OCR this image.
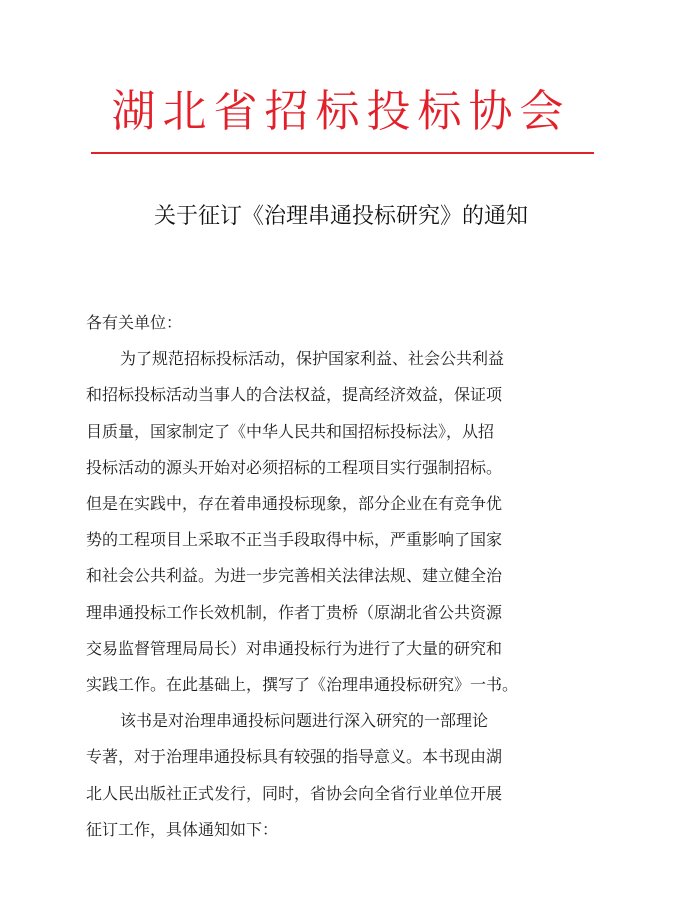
湖北省招标投标协会
关于征订《治理串通投标研究》的通知

各有关单位：

为了规范招标投标活动，保护国家利益、社会公共利益
和招标投标活动当事人的合法权益，提高经济效益，保证项
目质量，国家制定了《中华人民共和国招标投标法》，从招
投标活动的源头开始对必须招标的工程项目实行强制招标。
但是在实践中，存在着串通投标现象，部分企业在有竞争优
势的工程项目上采取不正当手段取得中标，严重影响了国家
和社会公共利益。为进一步完善相关法律法规、建立健全治
理串通投标工作长效机制，作者丁贵桥（原湖北省公共资源
交易监督管理局局长）对串通投标行为进行了大量的研究和
实践工作。在此基础上，撰写了《治理串通投标研究》一书。
该书是对治理串通投标问题进行深入研究的一部理论
专著，对于治理串通投标具有较强的指导意义。本书现由湖
北人民出版社正式发行，同时，省协会向全省行业单位开展
征订工作，具体通知如下：
